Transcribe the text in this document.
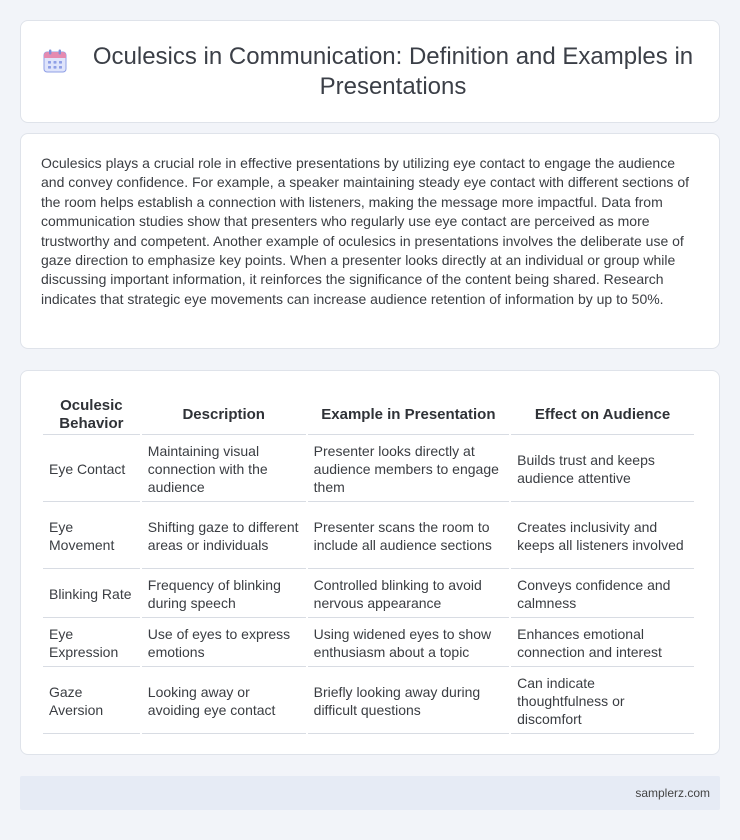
Oculesics in Communication: Definition and Examples in Presentations

Oculesics plays a crucial role in effective presentations by utilizing eye contact to engage the audience and convey confidence. For example, a speaker maintaining steady eye contact with different sections of the room helps establish a connection with listeners, making the message more impactful. Data from communication studies show that presenters who regularly use eye contact are perceived as more trustworthy and competent. Another example of oculesics in presentations involves the deliberate use of gaze direction to emphasize key points. When a presenter looks directly at an individual or group while discussing important information, it reinforces the significance of the content being shared. Research indicates that strategic eye movements can increase audience retention of information by up to 50%.

Oculesic Behavior	Description	Example in Presentation	Effect on Audience
Eye Contact	Maintaining visual connection with the audience	Presenter looks directly at audience members to engage them	Builds trust and keeps audience attentive
Eye Movement	Shifting gaze to different areas or individuals	Presenter scans the room to include all audience sections	Creates inclusivity and keeps all listeners involved
Blinking Rate	Frequency of blinking during speech	Controlled blinking to avoid nervous appearance	Conveys confidence and calmness
Eye Expression	Use of eyes to express emotions	Using widened eyes to show enthusiasm about a topic	Enhances emotional connection and interest
Gaze Aversion	Looking away or avoiding eye contact	Briefly looking away during difficult questions	Can indicate thoughtfulness or discomfort
samplerz.com
